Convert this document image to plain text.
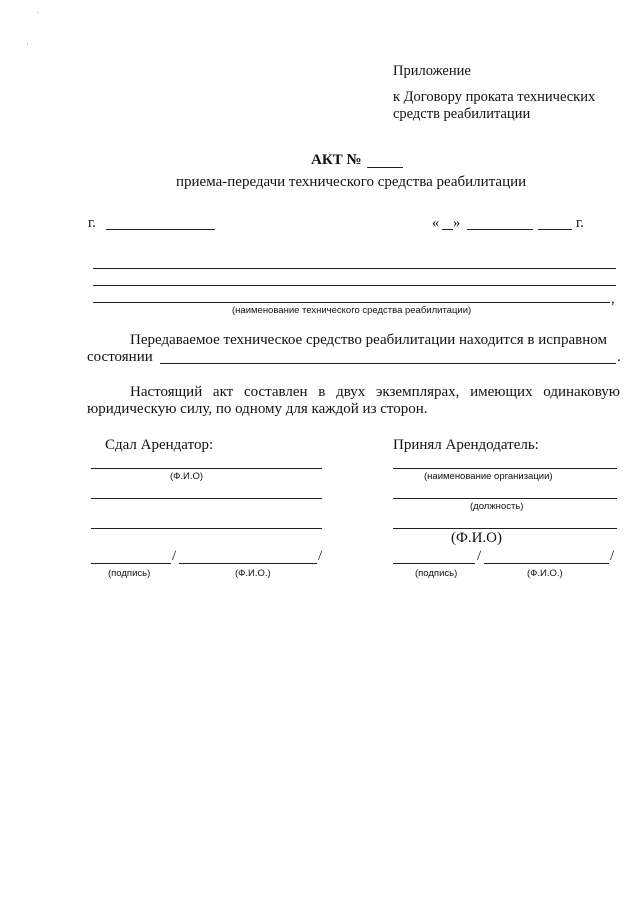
Приложение
к Договору проката технических
средств реабилитации
АКТ №
приема-передачи технического средства реабилитации
г.	« »	г.
,
(наименование технического средства реабилитации)
Передаваемое техническое средство реабилитации находится в исправном
состоянии	.
Настоящий акт составлен в двух экземплярах, имеющих одинаковую
юридическую силу, по одному для каждой из сторон.
Сдал Арендатор:
(Ф.И.О)
/	/
(подпись)	(Ф.И.О.)
Принял Арендодатель:
(наименование организации)
(должность)
(Ф.И.О)
/	/
(подпись)	(Ф.И.О.)
